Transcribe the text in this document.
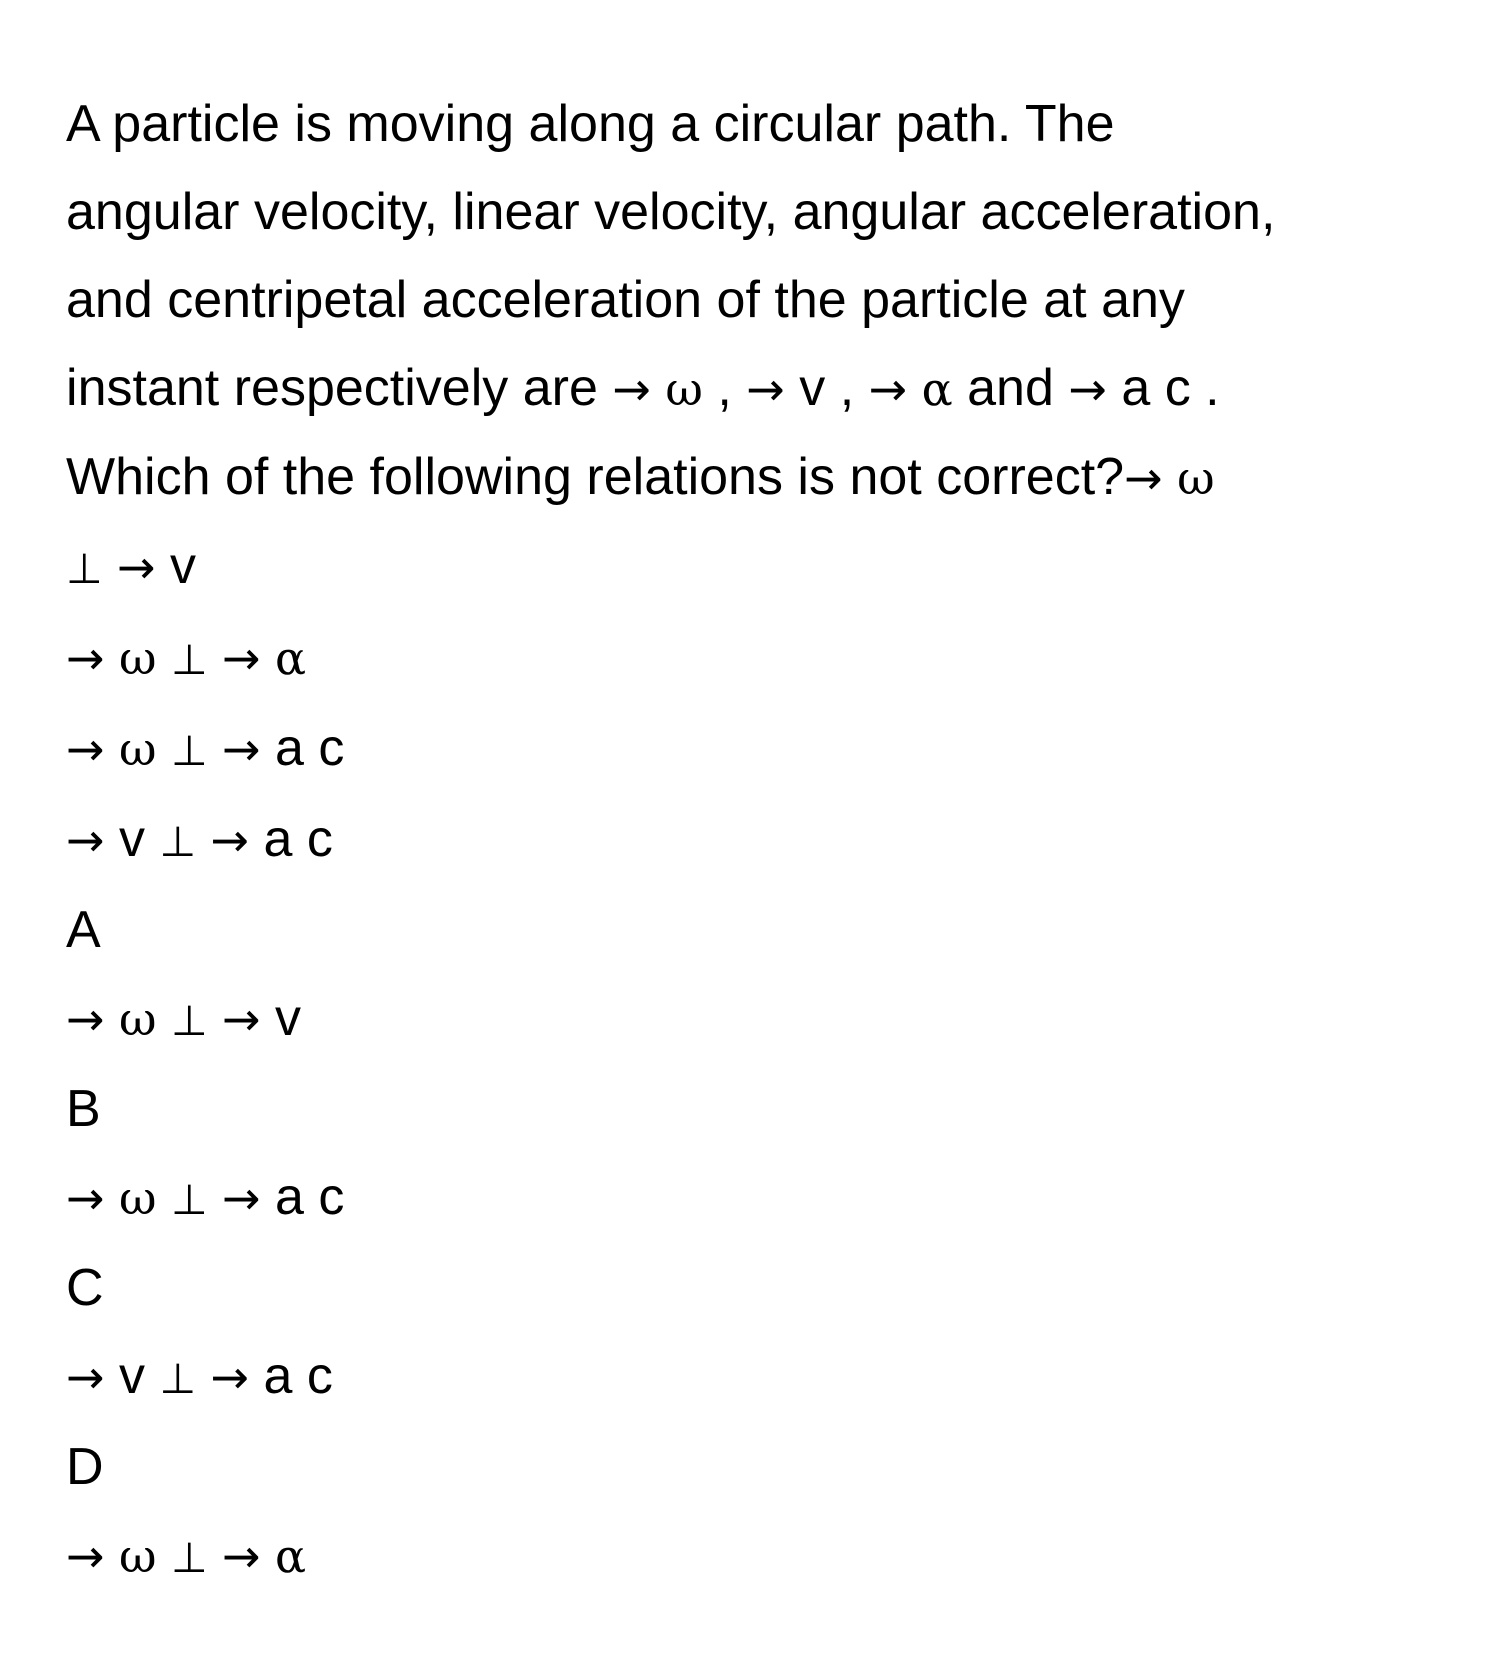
A particle is moving along a circular path. The
angular velocity, linear velocity, angular acceleration,
and centripetal acceleration of the particle at any
instant respectively are → ω , → v , → α and → a c .
Which of the following relations is not correct?→ ω
⊥ → v
→ ω ⊥ → α
→ ω ⊥ → a c
→ v ⊥ → a c
A
→ ω ⊥ → v
B
→ ω ⊥ → a c
C
→ v ⊥ → a c
D
→ ω ⊥ → α
